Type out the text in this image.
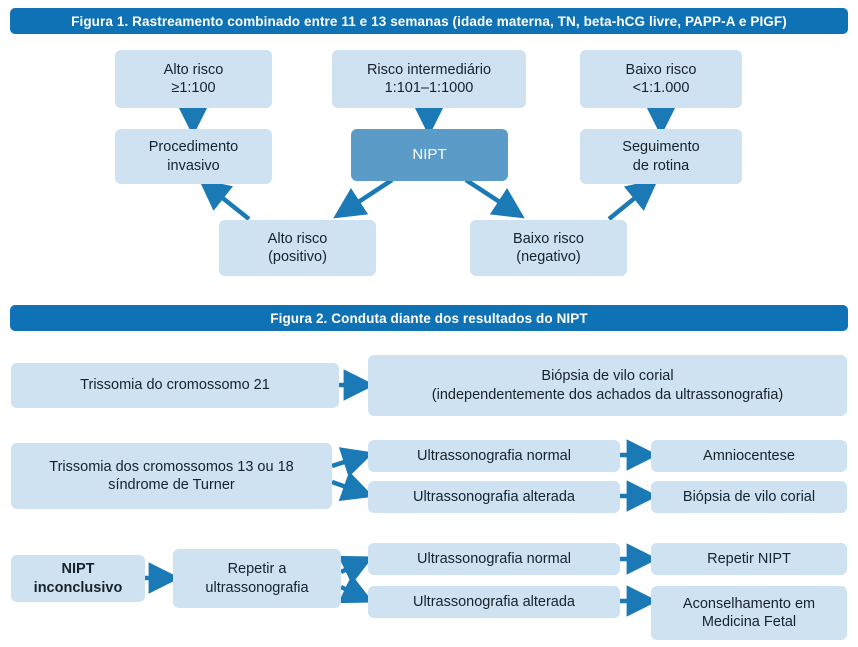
Figura 1. Rastreamento combinado entre 11 e 13 semanas (idade materna, TN, beta-hCG livre, PAPP-A e PIGF)
Alto risco
≥1:100
Risco intermediário
1:101–1:1000
Baixo risco
<1:1.000
Procedimento
invasivo
NIPT	Seguimento
de rotina
Alto risco
(positivo)
Baixo risco
(negativo)
Figura 2. Conduta diante dos resultados do NIPT
Trissomia do cromossomo 21
Biópsia de vilo corial
(independentemente dos achados da ultrassonografia)
Trissomia dos cromossomos 13 ou 18
síndrome de Turner
Ultrassonografia normal	Amniocentese
Ultrassonografia alterada	Biópsia de vilo corial
NIPT
inconclusivo
Repetir a
ultrassonografia
Ultrassonografia normal	Repetir NIPT
Ultrassonografia alterada	Aconselhamento em
Medicina Fetal
